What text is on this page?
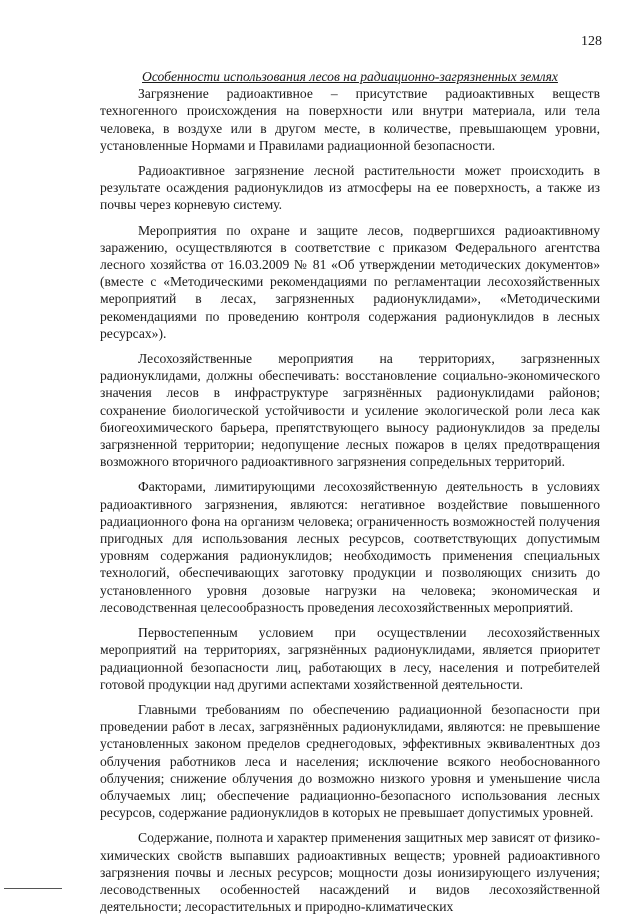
128

Особенности использования лесов на радиационно-загрязненных землях

Загрязнение радиоактивное – присутствие радиоактивных веществ техногенного происхождения на поверхности или внутри материала, или тела человека, в воздухе или в другом месте, в количестве, превышающем уровни, установленные Нормами и Правилами радиационной безопасности.

Радиоактивное загрязнение лесной растительности может происходить в результате осаждения радионуклидов из атмосферы на ее поверхность, а также из почвы через корневую систему.

Мероприятия по охране и защите лесов, подвергшихся радиоактивному заражению, осуществляются в соответствие с приказом Федерального агентства лесного хозяйства от 16.03.2009 № 81 «Об утверждении методических документов» (вместе с «Методическими рекомендациями по регламентации лесохозяйственных мероприятий в лесах, загрязненных радионуклидами», «Методическими рекомендациями по проведению контроля содержания радионуклидов в лесных ресурсах»).

Лесохозяйственные мероприятия на территориях, загрязненных радионуклидами, должны обеспечивать: восстановление социально-экономического значения лесов в инфраструктуре загрязнённых радионуклидами районов; сохранение биологической устойчивости и усиление экологической роли леса как биогеохимического барьера, препятствующего выносу радионуклидов за пределы загрязненной территории; недопущение лесных пожаров в целях предотвращения возможного вторичного радиоактивного загрязнения сопредельных территорий.

Факторами, лимитирующими лесохозяйственную деятельность в условиях радиоактивного загрязнения, являются: негативное воздействие повышенного радиационного фона на организм человека; ограниченность возможностей получения пригодных для использования лесных ресурсов, соответствующих допустимым уровням содержания радионуклидов; необходимость применения специальных технологий, обеспечивающих заготовку продукции и позволяющих снизить до установленного уровня дозовые нагрузки на человека; экономическая и лесоводственная целесообразность проведения лесохозяйственных мероприятий.

Первостепенным условием при осуществлении лесохозяйственных мероприятий на территориях, загрязнённых радионуклидами, является приоритет радиационной безопасности лиц, работающих в лесу, населения и потребителей готовой продукции над другими аспектами хозяйственной деятельности.

Главными требованиям по обеспечению радиационной безопасности при проведении работ в лесах, загрязнённых радионуклидами, являются: не превышение установленных законом пределов среднегодовых, эффективных эквивалентных доз облучения работников леса и населения; исключение всякого необоснованного облучения; снижение облучения до возможно низкого уровня и уменьшение числа облучаемых лиц; обеспечение радиационно-безопасного использования лесных ресурсов, содержание радионуклидов в которых не превышает допустимых уровней.

Содержание, полнота и характер применения защитных мер зависят от физико-химических свойств выпавших радиоактивных веществ; уровней радиоактивного загрязнения почвы и лесных ресурсов; мощности дозы ионизирующего излучения; лесоводственных особенностей насаждений и видов лесохозяйственной деятельности; лесорастительных и природно-климатических
